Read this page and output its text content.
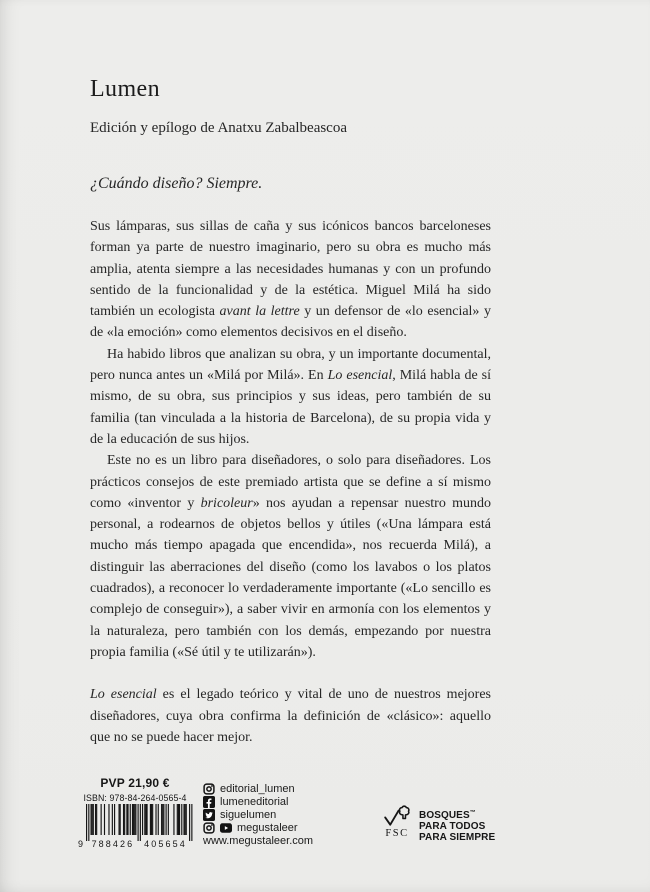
Lumen
Edición y epílogo de Anatxu Zabalbeascoa
¿Cuándo diseño? Siempre.

Sus lámparas, sus sillas de caña y sus icónicos bancos barceloneses forman ya parte de nuestro imaginario, pero su obra es mucho más amplia, atenta siempre a las necesidades humanas y con un profundo sentido de la funcionalidad y de la estética. Miguel Milá ha sido también un ecologista avant la lettre y un defensor de «lo esencial» y de «la emoción» como elementos decisivos en el diseño.

Ha habido libros que analizan su obra, y un importante documental, pero nunca antes un «Milá por Milá». En Lo esencial, Milá habla de sí mismo, de su obra, sus principios y sus ideas, pero también de su familia (tan vinculada a la historia de Barcelona), de su propia vida y de la educación de sus hijos.

Este no es un libro para diseñadores, o solo para diseñadores. Los prácticos consejos de este premiado artista que se define a sí mismo como «inventor y bricoleur» nos ayudan a repensar nuestro mundo personal, a rodearnos de objetos bellos y útiles («Una lámpara está mucho más tiempo apagada que encendida», nos recuerda Milá), a distinguir las aberraciones del diseño (como los lavabos o los platos cuadrados), a reconocer lo verdaderamente importante («Lo sencillo es complejo de conseguir»), a saber vivir en armonía con los elementos y la naturaleza, pero también con los demás, empezando por nuestra propia familia («Sé útil y te utilizarán»).

Lo esencial es el legado teórico y vital de uno de nuestros mejores diseñadores, cuya obra confirma la definición de «clásico»: aquello que no se puede hacer mejor.

PVP 21,90 €
ISBN: 978-84-264-0565-4
9 788426 405654
editorial_lumen
lumeneditorial
siguelumen
megustaleer
www.megustaleer.com
FSC
BOSQUES™
PARA TODOS
PARA SIEMPRE
